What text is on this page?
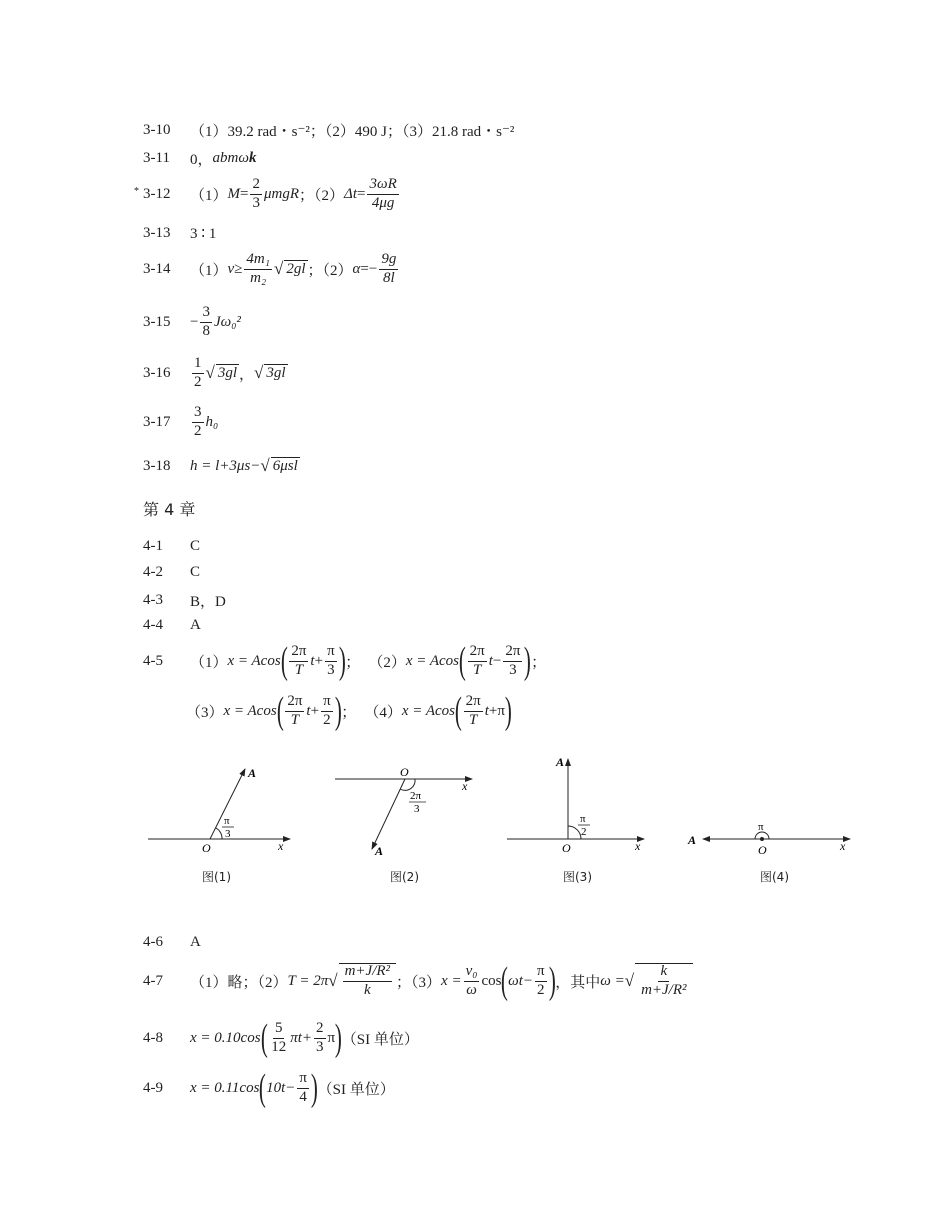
3-10	（1）39.2 rad・s⁻²；（2）490 J；（3）21.8 rad・s⁻²
3-11	0， abmω k
* 3-12	（1） $M = \frac{2}{3}$ μmgR ；（2） $\Delta t = \frac{3\omega R}{4\mu g}$
3-13	3 ∶ 1
3-14	（1） $v \ge \frac{\text{4m₁}}{\text{m₂}}$ √ 2gl ；（2） $\alpha =- \frac{9g}{8l}$
3-15	− $\frac{3}{8} J\omega_0^2$
3-16	$\frac{1}{2}$ √ 3gl ， √ 3gl
3-17	$\frac{3}{2} h_0$
3-18	h = l+3μs− √ 6μsl
第 4 章
4-1	C
4-2	C
4-3	B，D
4-4	A
4-5	（1） x = Acos ( $\frac{2\pi}{T}$ $t + \frac{\pi}{3}$ ) ； （2） x = Acos ( $\frac{2\pi}{T}$ $t - \frac{2\pi}{3}$ ) ；
（3） x = Acos ( $\frac{2\pi}{T}$ $t + \frac{\pi}{2}$ ) ； （4） x = Acos ( $\frac{2\pi}{T}$ t + π )
A
O	x
π
3
O
x
A
2π
3
A
O	x
π
2
A
O	x
π
图(1)	图(2)	图(3)	图(4)
4-6	A
4-7	（1）略；（2） T = 2π √ $\frac{\text{m+J/R²}}{k}$ ；（3） $x = \frac{\text{v₀}}{\omega}$ cos ( $\omega t- \frac{\pi}{2}$ ) ，其中 ω = √ $\frac{k}{\text{m+J/R²}}$
4-8	x = 0.10cos ( $\frac{5}{12} \pi t+ \frac{2}{3}$ π ) （SI 单位）
4-9	x = 0.11cos ( $10t- \frac{\pi}{4}$ ) （SI 单位）
